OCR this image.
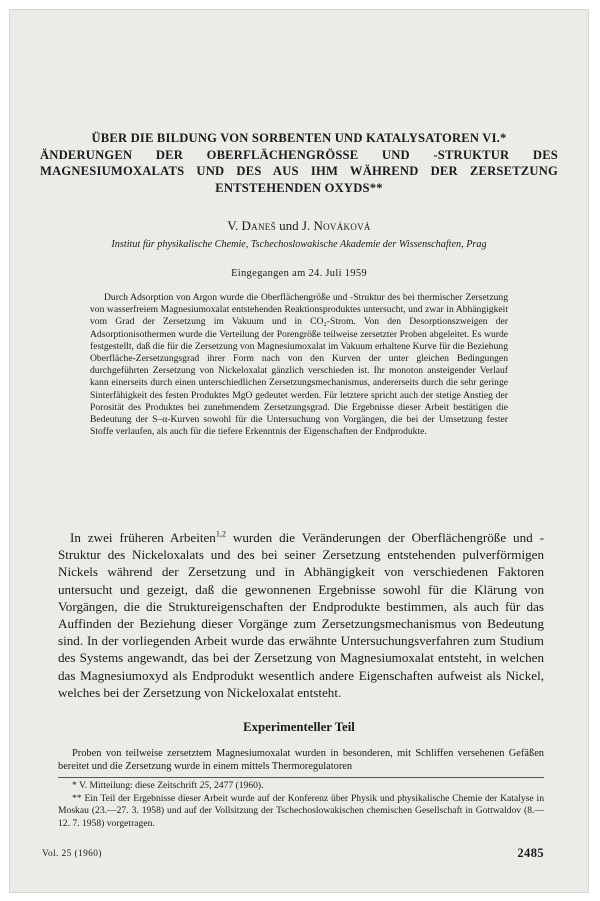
ÜBER DIE BILDUNG VON SORBENTEN UND KATALYSATOREN VI.*
ÄNDERUNGEN DER OBERFLÄCHENGRÖSSE UND -STRUKTUR DES
MAGNESIUMOXALATS UND DES AUS IHM WÄHREND DER ZERSETZUNG
ENTSTEHENDEN OXYDS**
V. Daneš und J. Nováková
Institut für physikalische Chemie, Tschechoslowakische Akademie der Wissenschaften, Prag
Eingegangen am 24. Juli 1959
Durch Adsorption von Argon wurde die Oberflächengröße und -Struktur des bei thermischer Zersetzung von wasserfreiem Magnesiumoxalat entstehenden Reaktionsproduktes untersucht, und zwar in Abhängigkeit vom Grad der Zersetzung im Vakuum und in CO₂-Strom. Von den Desorptionszweigen der Adsorptionisothermen wurde die Verteilung der Porengröße teilweise zersetzter Proben abgeleitet. Es wurde festgestellt, daß die für die Zersetzung von Magnesiumoxalat im Vakuum erhaltene Kurve für die Beziehung Oberfläche-Zersetzungsgrad ihrer Form nach von den Kurven der unter gleichen Bedingungen durchgeführten Zersetzung von Nickeloxalat gänzlich verschieden ist. Ihr monoton ansteigender Verlauf kann einerseits durch einen unterschiedlichen Zersetzungsmechanismus, andererseits durch die sehr geringe Sinterfähigkeit des festen Produktes MgO gedeutet werden. Für letztere spricht auch der stetige Anstieg der Porosität des Produktes bei zunehmendem Zersetzungsgrad. Die Ergebnisse dieser Arbeit bestätigen die Bedeutung der S–α-Kurven sowohl für die Untersuchung von Vorgängen, die bei der Umsetzung fester Stoffe verlaufen, als auch für die tiefere Erkenntnis der Eigenschaften der Endprodukte.
In zwei früheren Arbeiten$^{1,2}$ wurden die Veränderungen der Oberflächengröße und -Struktur des Nickeloxalats und des bei seiner Zersetzung entstehenden pulverförmigen Nickels während der Zersetzung und in Abhängigkeit von verschiedenen Faktoren untersucht und gezeigt, daß die gewonnenen Ergebnisse sowohl für die Klärung von Vorgängen, die die Struktureigenschaften der Endprodukte bestimmen, als auch für das Auffinden der Beziehung dieser Vorgänge zum Zersetzungsmechanismus von Bedeutung sind. In der vorliegenden Arbeit wurde das erwähnte Untersuchungsverfahren zum Studium des Systems angewandt, das bei der Zersetzung von Magnesiumoxalat entsteht, in welchen das Magnesiumoxyd als Endprodukt wesentlich andere Eigenschaften aufweist als Nickel, welches bei der Zersetzung von Nickeloxalat entsteht.
Experimenteller Teil
Proben von teilweise zersetztem Magnesiumoxalat wurden in besonderen, mit Schliffen versehenen Gefäßen bereitet und die Zersetzung wurde in einem mittels Thermoregulatoren

* V. Mitteilung: diese Zeitschrift 25, 2477 (1960).

** Ein Teil der Ergebnisse dieser Arbeit wurde auf der Konferenz über Physik und physikalische Chemie der Katalyse in Moskau (23.—27. 3. 1958) und auf der Vollsitzung der Tschechoslowakischen chemischen Gesellschaft in Gottwaldov (8.—12. 7. 1958) vorgetragen.

Vol. 25 (1960)	2485
